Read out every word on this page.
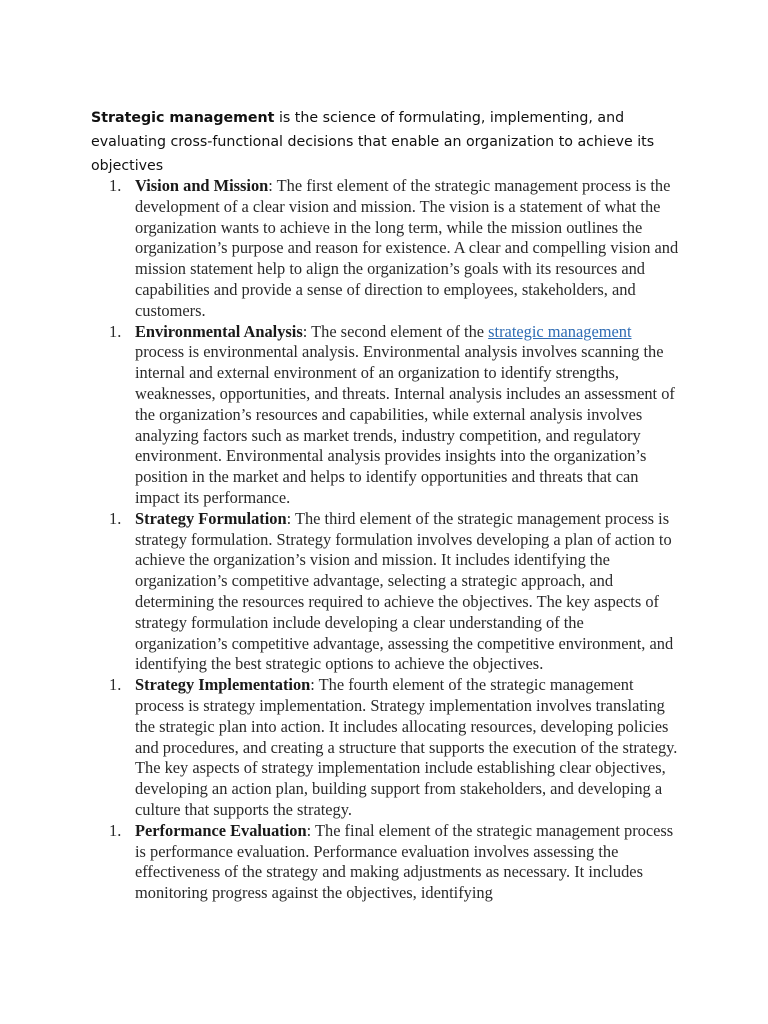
Strategic management is the science of formulating, implementing, and evaluating cross-functional decisions that enable an organization to achieve its objectives

1. Vision and Mission: The first element of the strategic management process is the development of a clear vision and mission. The vision is a statement of what the organization wants to achieve in the long term, while the mission outlines the organization’s purpose and reason for existence. A clear and compelling vision and mission statement help to align the organization’s goals with its resources and capabilities and provide a sense of direction to employees, stakeholders, and customers.
1. Environmental Analysis: The second element of the strategic management process is environmental analysis. Environmental analysis involves scanning the internal and external environment of an organization to identify strengths, weaknesses, opportunities, and threats. Internal analysis includes an assessment of the organization’s resources and capabilities, while external analysis involves analyzing factors such as market trends, industry competition, and regulatory environment. Environmental analysis provides insights into the organization’s position in the market and helps to identify opportunities and threats that can impact its performance.
1. Strategy Formulation: The third element of the strategic management process is strategy formulation. Strategy formulation involves developing a plan of action to achieve the organization’s vision and mission. It includes identifying the organization’s competitive advantage, selecting a strategic approach, and determining the resources required to achieve the objectives. The key aspects of strategy formulation include developing a clear understanding of the organization’s competitive advantage, assessing the competitive environment, and identifying the best strategic options to achieve the objectives.
1. Strategy Implementation: The fourth element of the strategic management process is strategy implementation. Strategy implementation involves translating the strategic plan into action. It includes allocating resources, developing policies and procedures, and creating a structure that supports the execution of the strategy. The key aspects of strategy implementation include establishing clear objectives, developing an action plan, building support from stakeholders, and developing a culture that supports the strategy.
1. Performance Evaluation: The final element of the strategic management process is performance evaluation. Performance evaluation involves assessing the effectiveness of the strategy and making adjustments as necessary. It includes monitoring progress against the objectives, identifying
